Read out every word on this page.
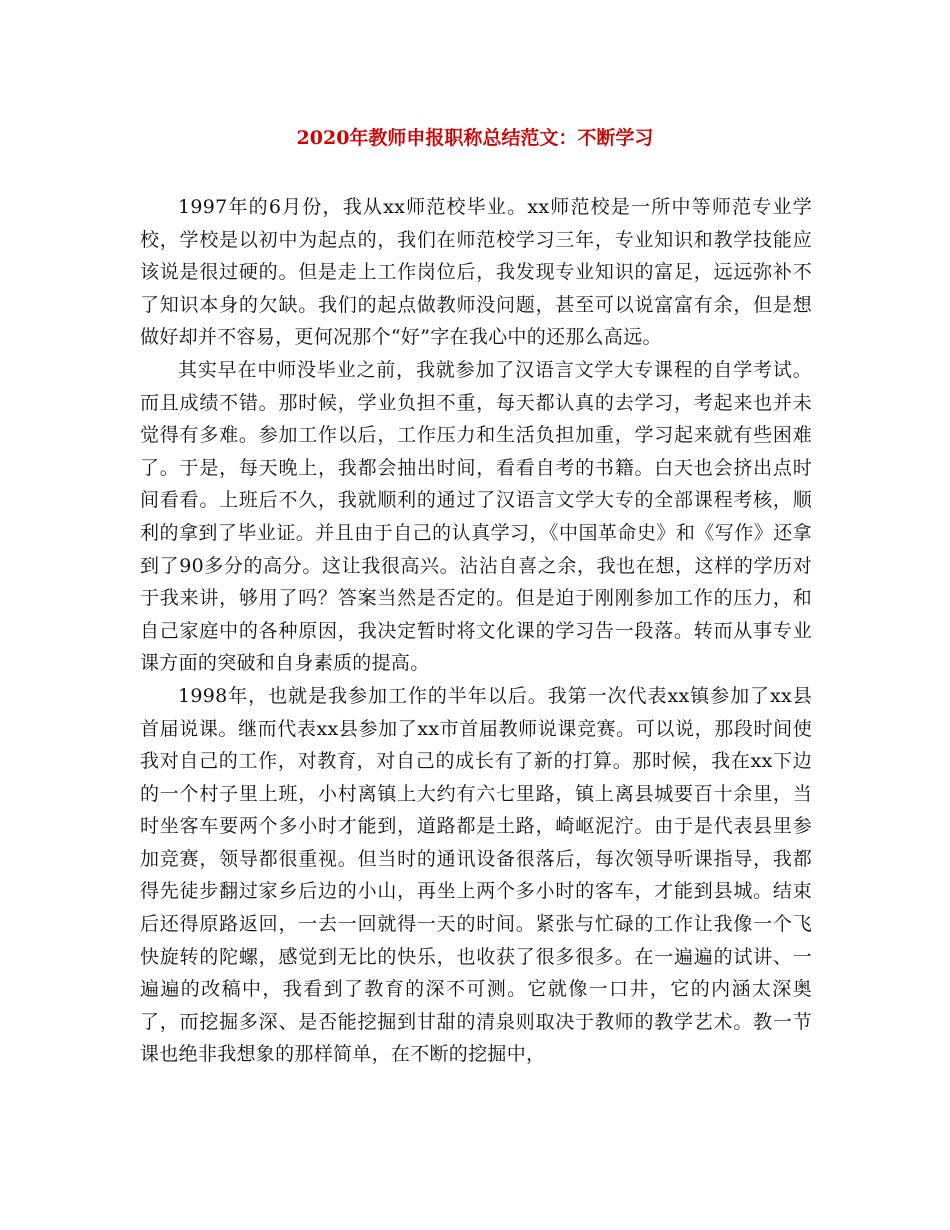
2020年教师申报职称总结范文：不断学习

1997年的6月份，我从xx师范校毕业。xx师范校是一所中等师范专业学校，学校是以初中为起点的，我们在师范校学习三年，专业知识和教学技能应该说是很过硬的。但是走上工作岗位后，我发现专业知识的富足，远远弥补不了知识本身的欠缺。我们的起点做教师没问题，甚至可以说富富有余，但是想做好却并不容易，更何况那个“好”字在我心中的还那么高远。

其实早在中师没毕业之前，我就参加了汉语言文学大专课程的自学考试。而且成绩不错。那时候，学业负担不重，每天都认真的去学习，考起来也并未觉得有多难。参加工作以后，工作压力和生活负担加重，学习起来就有些困难了。于是，每天晚上，我都会抽出时间，看看自考的书籍。白天也会挤出点时间看看。上班后不久，我就顺利的通过了汉语言文学大专的全部课程考核，顺利的拿到了毕业证。并且由于自己的认真学习，《中国革命史》和《写作》还拿到了90多分的高分。这让我很高兴。沾沾自喜之余，我也在想，这样的学历对于我来讲，够用了吗？答案当然是否定的。但是迫于刚刚参加工作的压力，和自己家庭中的各种原因，我决定暂时将文化课的学习告一段落。转而从事专业课方面的突破和自身素质的提高。

1998年，也就是我参加工作的半年以后。我第一次代表xx镇参加了xx县首届说课。继而代表xx县参加了xx市首届教师说课竞赛。可以说，那段时间使我对自己的工作，对教育，对自己的成长有了新的打算。那时候，我在xx下边的一个村子里上班，小村离镇上大约有六七里路，镇上离县城要百十余里，当时坐客车要两个多小时才能到，道路都是土路，崎岖泥泞。由于是代表县里参加竞赛，领导都很重视。但当时的通讯设备很落后，每次领导听课指导，我都得先徒步翻过家乡后边的小山，再坐上两个多小时的客车，才能到县城。结束后还得原路返回，一去一回就得一天的时间。紧张与忙碌的工作让我像一个飞快旋转的陀螺，感觉到无比的快乐，也收获了很多很多。在一遍遍的试讲、一遍遍的改稿中，我看到了教育的深不可测。它就像一口井，它的内涵太深奥了，而挖掘多深、是否能挖掘到甘甜的清泉则取决于教师的教学艺术。教一节课也绝非我想象的那样简单，在不断的挖掘中，
